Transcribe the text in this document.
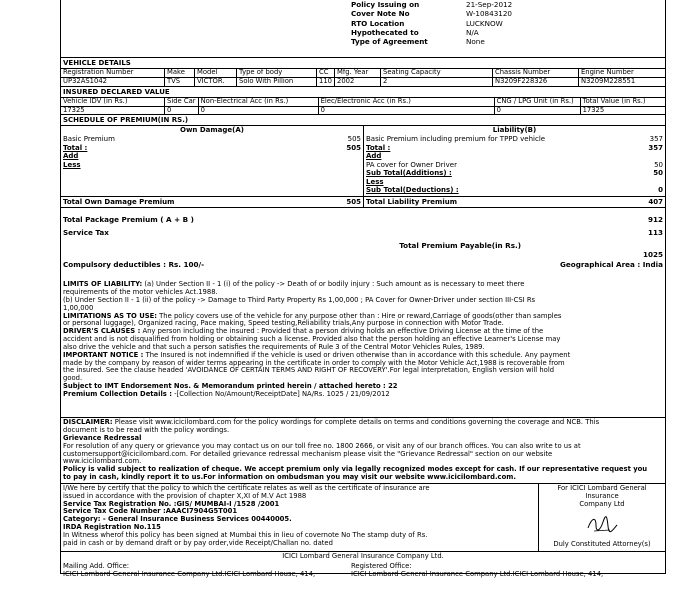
Policy Issuing on	21-Sep-2012
Cover Note No	W-10843120
RTO Location	LUCKNOW
Hypothecated to	N/A
Type of Agreement	None
VEHICLE DETAILS
Registration Number	Make	Model	Type of body	CC	Mfg. Year	Seating Capacity	Chassis Number	Engine Number
UP32AS1042	TVS	VICTOR.	Solo With Pillion	110	2002	2	N3209F228326	N3209M228551
INSURED DECLARED VALUE
Vehicle IDV (in Rs.)	Side Car	Non-Electrical Acc (in Rs.)	Elec/Electronic Acc (in Rs.)	CNG / LPG Unit (in Rs.)	Total Value (in Rs.)
17325	0	0	0	0	17325
SCHEDULE OF PREMIUM(IN RS.)
Own Damage(A)
Basic Premium	505
Total :	505
Add
Less
Total Own Damage Premium	505
Liability(B)
Basic Premium including premium for TPPD vehicle	357
Total :	357
Add
PA cover for Owner Driver	50
Sub Total(Additions) :	50
Less
Sub Total(Deductions) :	0
Total Liability Premium	407
Total Package Premium ( A + B )	912
Service Tax	113
Total Premium Payable(in Rs.)
1025
Compulsory deductibles : Rs. 100/-	Geographical Area : India

LIMITS OF LIABILITY: (a) Under Section II - 1 (i) of the policy -> Death of or bodily injury : Such amount as is necessary to meet there

requirements of the motor vehicles Act.1988.

(b) Under Section II - 1 (ii) of the policy -> Damage to Third Party Property Rs 1,00,000 ; PA Cover for Owner-Driver under section III-CSI Rs

1,00,000

LIMITATIONS AS TO USE: The policy covers use of the vehicle for any purpose other than : Hire or reward,Carriage of goods(other than samples

or personal luggage), Organized racing, Pace making, Speed testing,Reliability trials,Any purpose in connection with Motor Trade.

DRIVER'S CLAUSES : Any person including the insured : Provided that a person driving holds an effective Driving License at the time of the

accident and is not disqualified from holding or obtaining such a license. Provided also that the person holding an effective Learner's License may

also drive the vehicle and that such a person satisfies the requirements of Rule 3 of the Central Motor Vehicles Rules, 1989.

IMPORTANT NOTICE : The Insured is not indemnified if the vehicle is used or driven otherwise than in accordance with this schedule. Any payment

made by the company by reason of wider terms appearing in the certificate in order to comply with the Motor Vehicle Act,1988 is recoverable from

the insured. See the clause headed 'AVOIDANCE OF CERTAIN TERMS AND RIGHT OF RECOVERY'.For legal interpretation, English version will hold

good.

Subject to IMT Endorsement Nos. & Memorandum printed herein / attached hereto : 22

Premium Collection Details : -[Collection No/Amount/ReceiptDate] NA/Rs. 1025 / 21/09/2012

DISCLAIMER: Please visit www.icicilombard.com for the policy wordings for complete details on terms and conditions governing the coverage and NCB. This

document is to be read with the policy wordings.

Grievance Redressal

For resolution of any query or grievance you may contact us on our toll free no. 1800 2666, or visit any of our branch offices. You can also write to us at

customersupport@icicilombard.com. For detailed grievance redressal mechanism please visit the "Grievance Redressal" section on our website

www.icicilombard.com.

Policy is valid subject to realization of cheque. We accept premium only via legally recognized modes except for cash. If our representative request you

to pay in cash, kindly report it to us.For information on ombudsman you may visit our website www.icicilombard.com.

I/We here by certify that the policy to which the certificate relates as well as the certificate of insurance are

issued in accordance with the provision of chapter X,XI of M.V Act 1988

Service Tax Registration No. :GIS/ MUMBAI-I /1528 /2001

Service Tax Code Number :AAACI7904G5T001

Category: - General Insurance Business Services 00440005.

IRDA Registration No.115

In Witness wherof this policy has been signed at Mumbai this in lieu of covernote No The stamp duty of Rs.

paid in cash or by demand draft or by pay order,vide Receipt/Challan no. dated

For ICICI Lombard General Insurance

Company Ltd

Duly Constituted Attorney(s)

ICICI Lombard General Insurance Company Ltd.

Mailing Add. Office:

ICICI Lombard General Insurance Company Ltd.ICICI Lombard House, 414,

Registered Office:

ICICI Lombard General Insurance Company Ltd.ICICI Lombard House, 414,
